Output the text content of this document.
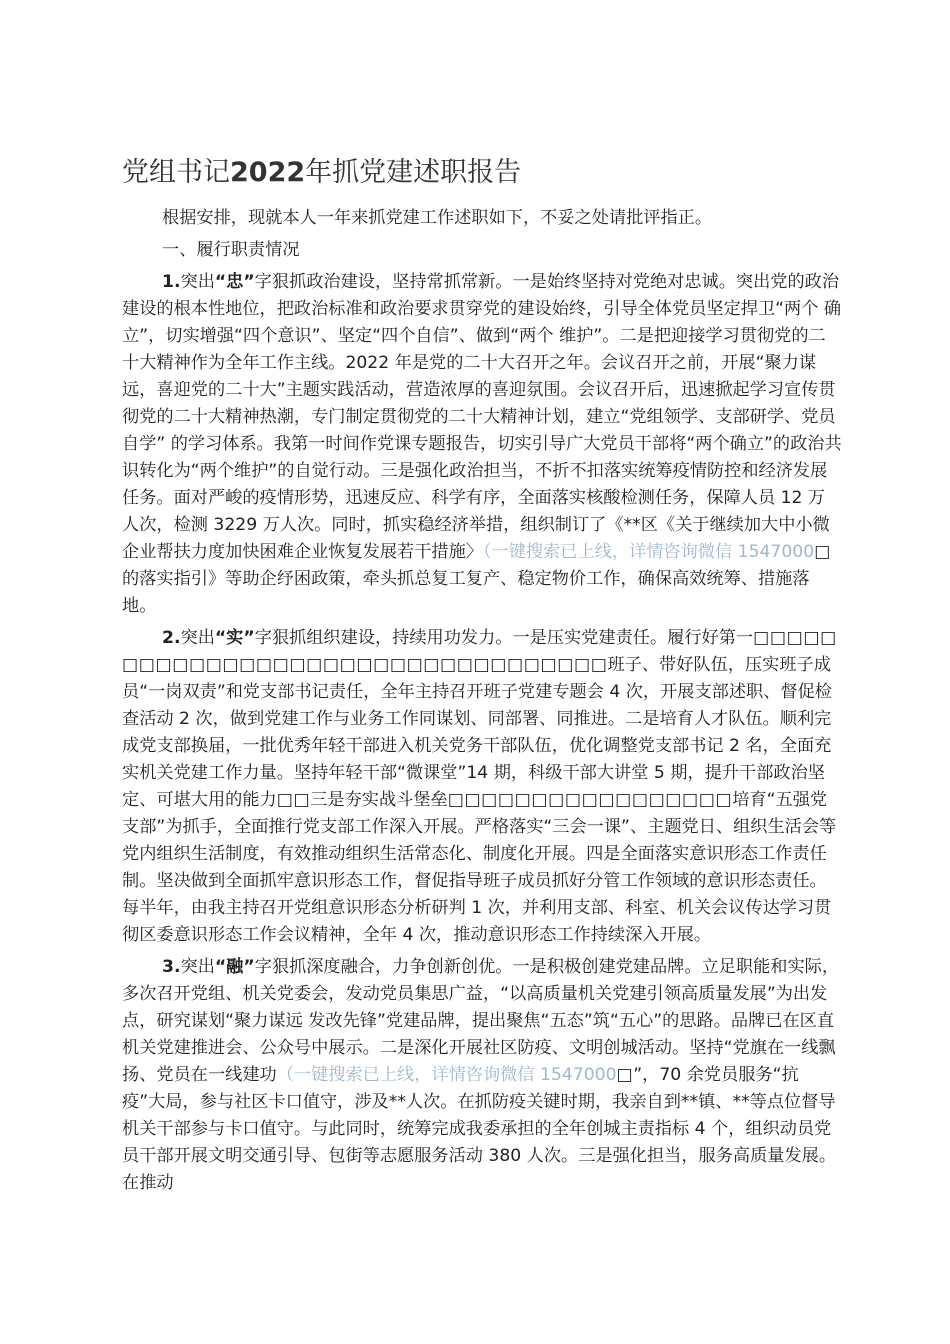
党组书记2022年抓党建述职报告

根据安排，现就本人一年来抓党建工作述职如下，不妥之处请批评指正。

一、履行职责情况

1.突出“忠”字狠抓政治建设，坚持常抓常新。一是始终坚持对党绝对忠诚。突出党的政治建设的根本性地位，把政治标准和政治要求贯穿党的建设始终，引导全体党员坚定捍卫“两个 确立”，切实增强“四个意识”、坚定“四个自信”、做到“两个 维护”。二是把迎接学习贯彻党的二十大精神作为全年工作主线。2022 年是党的二十大召开之年。会议召开之前，开展“聚力谋远，喜迎党的二十大”主题实践活动，营造浓厚的喜迎氛围。会议召开后，迅速掀起学习宣传贯彻党的二十大精神热潮，专门制定贯彻党的二十大精神计划，建立“党组领学、支部研学、党员自学” 的学习体系。我第一时间作党课专题报告，切实引导广大党员干部将“两个确立”的政治共识转化为“两个维护”的自觉行动。三是强化政治担当，不折不扣落实统筹疫情防控和经济发展任务。面对严峻的疫情形势，迅速反应、科学有序，全面落实核酸检测任务，保障人员 12 万人次，检测 3229 万人次。同时，抓实稳经济举措，组织制订了《**区《关于继续加大中小微企业帮扶力度加快困难企业恢复发展若干措施〉（一键搜索已上线，详情咨询微信 1547000□的落实指引》等助企纾困政策，牵头抓总复工复产、稳定物价工作，确保高效统筹、措施落地。

2.突出“实”字狠抓组织建设，持续用功发力。一是压实党建责任。履行好第一□□□□□□□□□□□□□□□□□□□□□□□□□□□□□□□□□□班子、带好队伍，压实班子成员“一岗双责”和党支部书记责任，全年主持召开班子党建专题会 4 次，开展支部述职、督促检查活动 2 次，做到党建工作与业务工作同谋划、同部署、同推进。二是培育人才队伍。顺利完成党支部换届，一批优秀年轻干部进入机关党务干部队伍，优化调整党支部书记 2 名，全面充实机关党建工作力量。坚持年轻干部“微课堂”14 期，科级干部大讲堂 5 期，提升干部政治坚定、可堪大用的能力□□三是夯实战斗堡垒□□□□□□□□□□□□□□□□□培育“五强党支部”为抓手，全面推行党支部工作深入开展。严格落实“三会一课”、主题党日、组织生活会等党内组织生活制度，有效推动组织生活常态化、制度化开展。四是全面落实意识形态工作责任制。坚决做到全面抓牢意识形态工作，督促指导班子成员抓好分管工作领域的意识形态责任。每半年，由我主持召开党组意识形态分析研判 1 次，并利用支部、科室、机关会议传达学习贯彻区委意识形态工作会议精神，全年 4 次，推动意识形态工作持续深入开展。

3.突出“融”字狠抓深度融合，力争创新创优。一是积极创建党建品牌。立足职能和实际，多次召开党组、机关党委会，发动党员集思广益，“以高质量机关党建引领高质量发展”为出发点，研究谋划“聚力谋远 发改先锋”党建品牌，提出聚焦“五态”筑“五心”的思路。品牌已在区直机关党建推进会、公众号中展示。二是深化开展社区防疫、文明创城活动。坚持“党旗在一线飘扬、党员在一线建功（一键搜索已上线，详情咨询微信 1547000□”，70 余党员服务“抗疫”大局，参与社区卡口值守，涉及**人次。在抓防疫关键时期，我亲自到**镇、**等点位督导机关干部参与卡口值守。与此同时，统筹完成我委承担的全年创城主责指标 4 个，组织动员党员干部开展文明交通引导、包街等志愿服务活动 380 人次。三是强化担当，服务高质量发展。在推动
